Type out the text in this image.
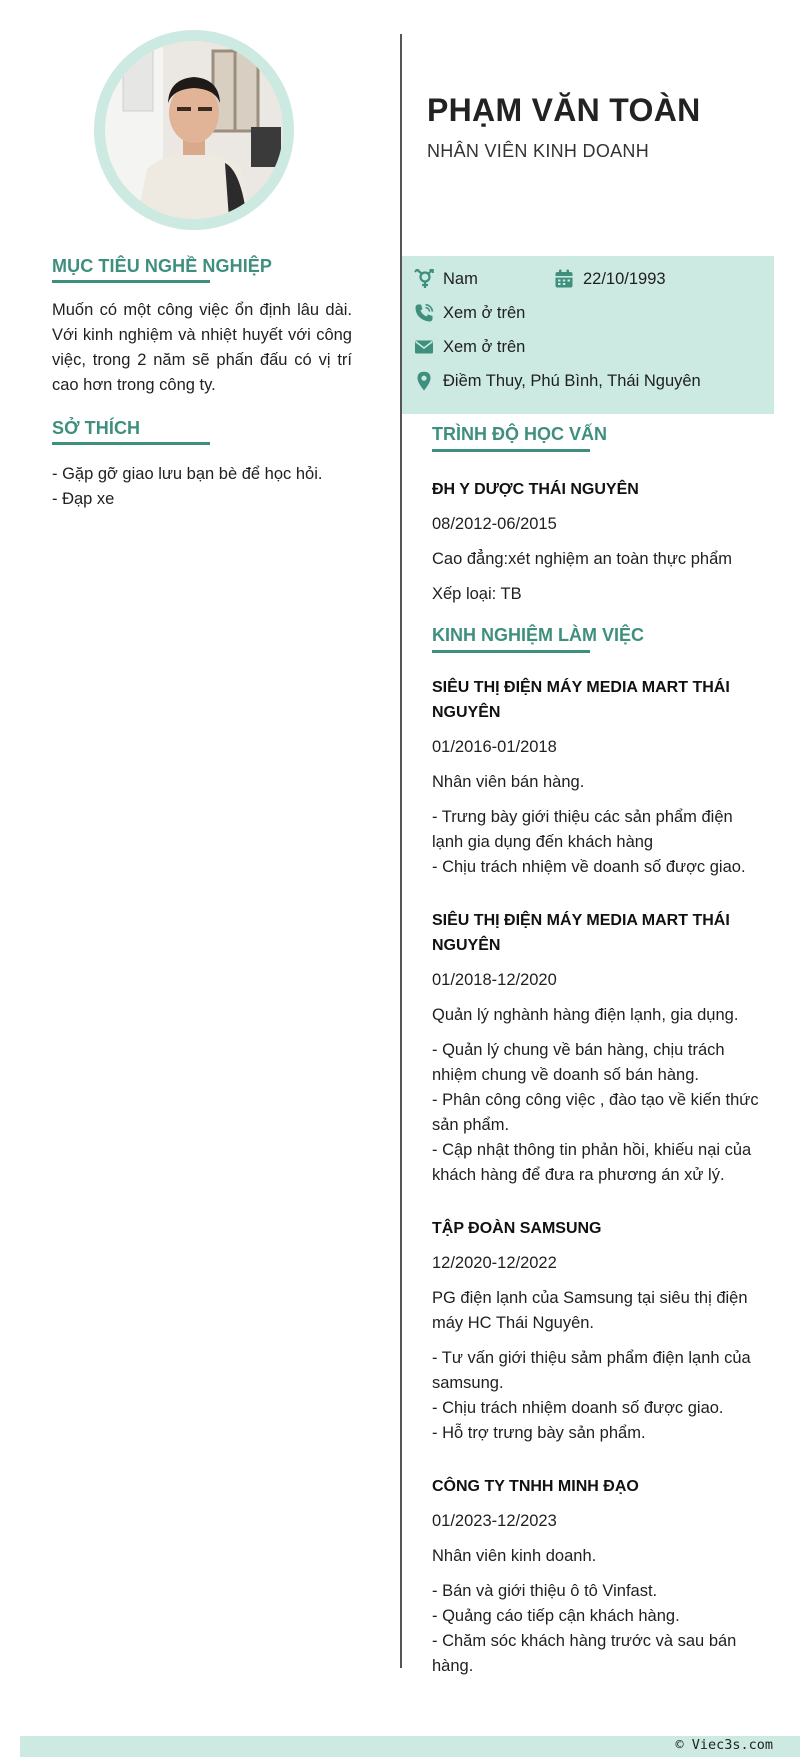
MỤC TIÊU NGHỀ NGHIỆP
Muốn có một công việc ổn định lâu dài. Với kinh nghiệm và nhiệt huyết với công việc, trong 2 năm sẽ phấn đấu có vị trí cao hơn trong công ty.
SỞ THÍCH
- Gặp gỡ giao lưu bạn bè để học hỏi.
- Đạp xe
PHẠM VĂN TOÀN
NHÂN VIÊN KINH DOANH
Nam	22/10/1993
Xem ở trên
Xem ở trên
Điềm Thuy, Phú Bình, Thái Nguyên
TRÌNH ĐỘ HỌC VẤN
ĐH Y DƯỢC THÁI NGUYÊN
08/2012-06/2015
Cao đẳng:xét nghiệm an toàn thực phẩm
Xếp loại: TB
KINH NGHIỆM LÀM VIỆC
SIÊU THỊ ĐIỆN MÁY MEDIA MART THÁI NGUYÊN
01/2016-01/2018
Nhân viên bán hàng.
- Trưng bày giới thiệu các sản phẩm điện lạnh gia dụng đến khách hàng
- Chịu trách nhiệm về doanh số được giao.
SIÊU THỊ ĐIỆN MÁY MEDIA MART THÁI NGUYÊN
01/2018-12/2020
Quản lý nghành hàng điện lạnh, gia dụng.
- Quản lý chung về bán hàng, chịu trách nhiệm chung về doanh số bán hàng.
- Phân công công việc , đào tạo về kiến thức sản phẩm.
- Cập nhật thông tin phản hồi, khiếu nại của khách hàng để đưa ra phương án xử lý.
TẬP ĐOÀN SAMSUNG
12/2020-12/2022
PG điện lạnh của Samsung tại siêu thị điện máy HC Thái Nguyên.
- Tư vấn giới thiệu sảm phẩm điện lạnh của samsung.
- Chịu trách nhiệm doanh số được giao.
- Hỗ trợ trưng bày sản phẩm.
CÔNG TY TNHH MINH ĐẠO
01/2023-12/2023
Nhân viên kinh doanh.
- Bán và giới thiệu ô tô Vinfast.
- Quảng cáo tiếp cận khách hàng.
- Chăm sóc khách hàng trước và sau bán hàng.
© Viec3s.com
